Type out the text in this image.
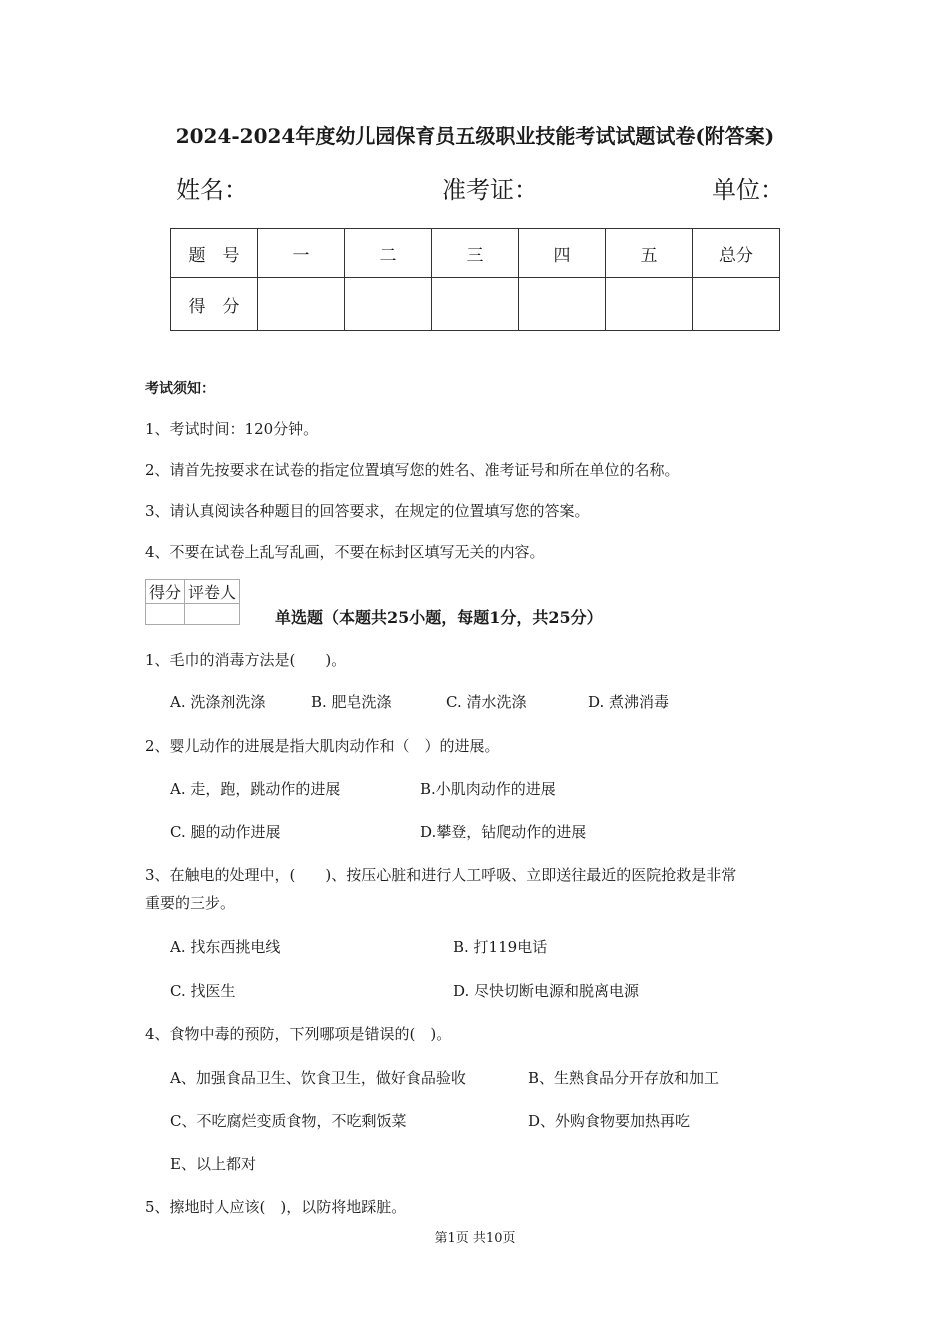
2024-2024年度幼儿园保育员五级职业技能考试试题试卷(附答案)
姓名：	准考证：	单位：
题　号	一	二	三	四	五	总分
得　分						
考试须知：
1、考试时间：120分钟。
2、请首先按要求在试卷的指定位置填写您的姓名、准考证号和所在单位的名称。
3、请认真阅读各种题目的回答要求，在规定的位置填写您的答案。
4、不要在试卷上乱写乱画，不要在标封区填写无关的内容。
得分	评卷人

单选题（本题共25小题，每题1分，共25分）
1、毛巾的消毒方法是(　　)。
A. 洗涤剂洗涤	B. 肥皂洗涤	C. 清水洗涤	D. 煮沸消毒
2、婴儿动作的进展是指大肌肉动作和（　）的进展。
A. 走，跑，跳动作的进展	B.小肌肉动作的进展
C. 腿的动作进展	D.攀登，钻爬动作的进展
3、在触电的处理中，(　　)、按压心脏和进行人工呼吸、立即送往最近的医院抢救是非常
重要的三步。
A. 找东西挑电线	B. 打119电话
C. 找医生	D. 尽快切断电源和脱离电源
4、食物中毒的预防，下列哪项是错误的(　)。
A、加强食品卫生、饮食卫生，做好食品验收	B、生熟食品分开存放和加工
C、不吃腐烂变质食物，不吃剩饭菜	D、外购食物要加热再吃
E、以上都对
5、擦地时人应该(　)，以防将地踩脏。
第1页 共10页
